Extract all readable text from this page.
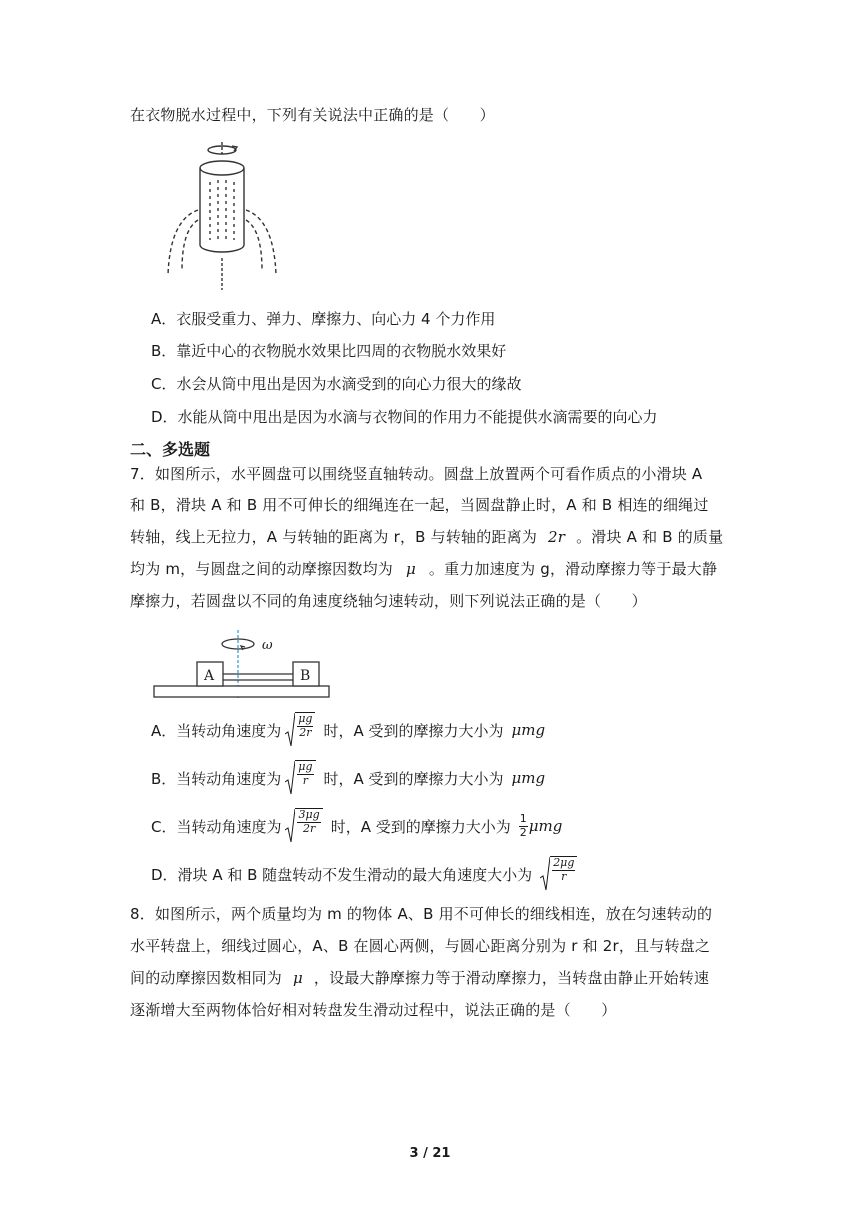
在衣物脱水过程中，下列有关说法中正确的是（　　）
A．衣服受重力、弹力、摩擦力、向心力 4 个力作用
B．靠近中心的衣物脱水效果比四周的衣物脱水效果好
C．水会从筒中甩出是因为水滴受到的向心力很大的缘故
D．水能从筒中甩出是因为水滴与衣物间的作用力不能提供水滴需要的向心力
二、多选题
7．如图所示，水平圆盘可以围绕竖直轴转动。圆盘上放置两个可看作质点的小滑块 A
和 B，滑块 A 和 B 用不可伸长的细绳连在一起，当圆盘静止时，A 和 B 相连的细绳过
转轴，线上无拉力，A 与转轴的距离为 r，B 与转轴的距离为 2r 。滑块 A 和 B 的质量
均为 m，与圆盘之间的动摩擦因数均为 μ 。重力加速度为 g，滑动摩擦力等于最大静
摩擦力，若圆盘以不同的角速度绕轴匀速转动，则下列说法正确的是（　　）
ω
A	B
A．当转动角速度为 $\frac{\mu g}{2r}$ 时，A 受到的摩擦力大小为 μmg
B．当转动角速度为 $\frac{\mu g}{r}$ 时，A 受到的摩擦力大小为 μmg
C．当转动角速度为 $\frac{3\mu g}{2r}$ 时，A 受到的摩擦力大小为 $\frac{1}{2}$ μmg
D．滑块 A 和 B 随盘转动不发生滑动的最大角速度大小为 $\frac{2\mu g}{r}$
8．如图所示，两个质量均为 m 的物体 A、B 用不可伸长的细线相连，放在匀速转动的
水平转盘上，细线过圆心，A、B 在圆心两侧，与圆心距离分别为 r 和 2r，且与转盘之
间的动摩擦因数相同为 μ ，设最大静摩擦力等于滑动摩擦力，当转盘由静止开始转速
逐渐增大至两物体恰好相对转盘发生滑动过程中，说法正确的是（　　）
3 / 21
